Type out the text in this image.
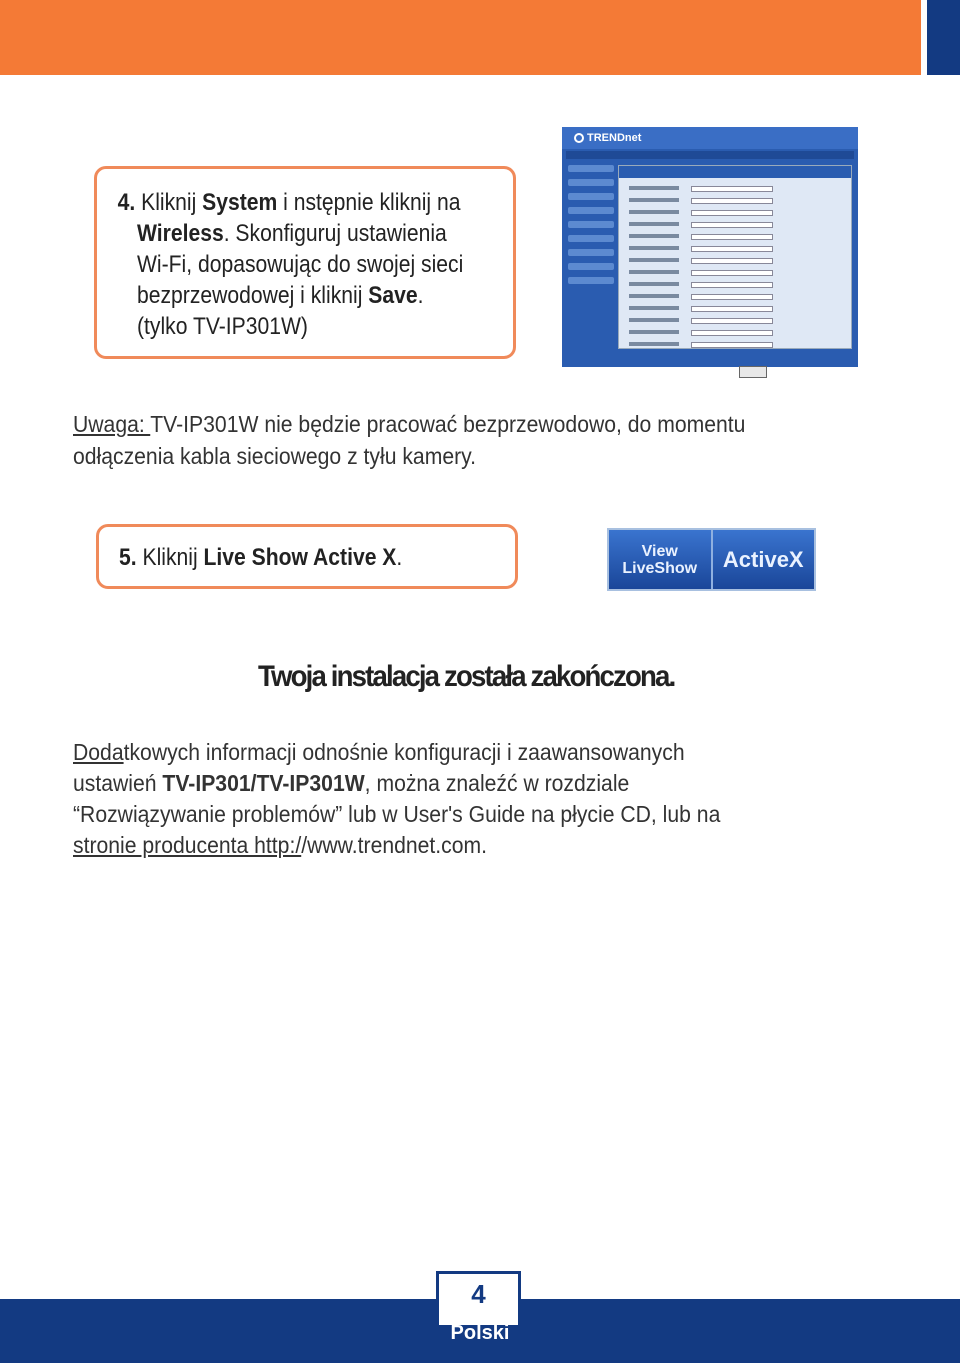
4. Kliknij System i nstępnie kliknij na
Wireless. Skonfiguruj ustawienia
Wi-Fi, dopasowując do swojej sieci
bezprzewodowej i kliknij Save.
(tylko TV-IP301W)
TRENDnet
Uwaga: TV-IP301W nie będzie pracować bezprzewodowo, do momentu
odłączenia kabla sieciowego z tyłu kamery.
5. Kliknij Live Show Active X.	View
LiveShow	ActiveX
Twoja instalacja została zakończona.

Dodatkowych informacji odnośnie konfiguracji i zaawansowanych

ustawień TV-IP301/TV-IP301W, można znaleźć w rozdziale

“Rozwiązywanie problemów” lub w User's Guide na płycie CD, lub na

stronie producenta http://www.trendnet.com.

4
Polski
